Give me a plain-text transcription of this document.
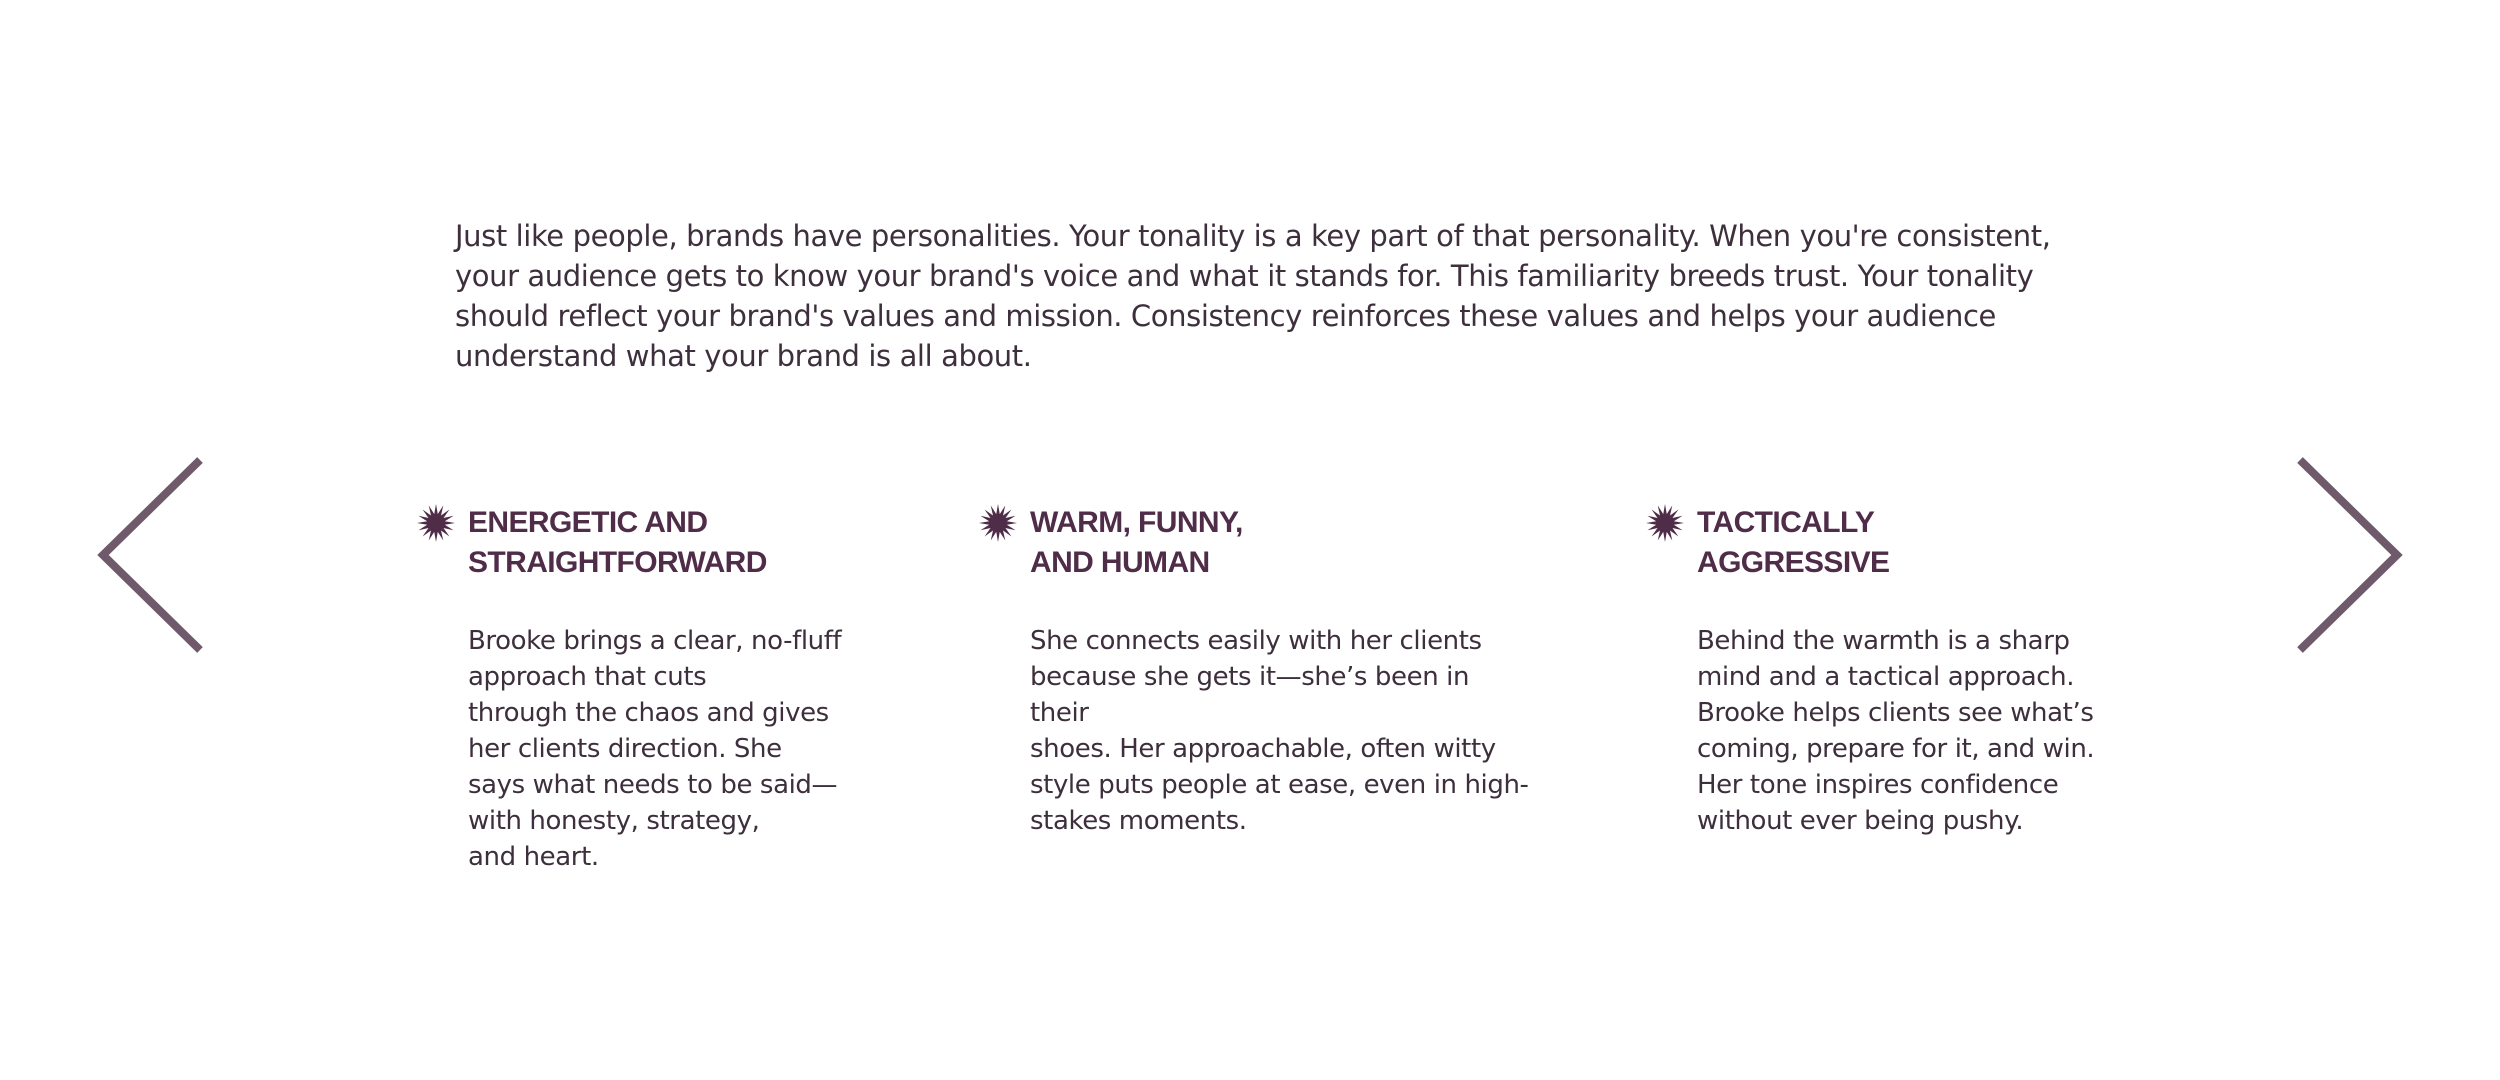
Just like people, brands have personalities. Your tonality is a key part of that personality. When you're consistent, your audience gets to know your brand's voice and what it stands for. This familiarity breeds trust. Your tonality should reflect your brand's values and mission. Consistency reinforces these values and helps your audience understand what your brand is all about.

ENERGETIC AND
STRAIGHTFORWARD

Brooke brings a clear, no-fluff
approach that cuts
through the chaos and gives
her clients direction. She
says what needs to be said—
with honesty, strategy,
and heart.

WARM, FUNNY,
AND HUMAN

She connects easily with her clients
because she gets it—she’s been in their
shoes. Her approachable, often witty
style puts people at ease, even in high-
stakes moments.

TACTICALLY
AGGRESSIVE

Behind the warmth is a sharp
mind and a tactical approach.
Brooke helps clients see what’s
coming, prepare for it, and win.
Her tone inspires confidence
without ever being pushy.
